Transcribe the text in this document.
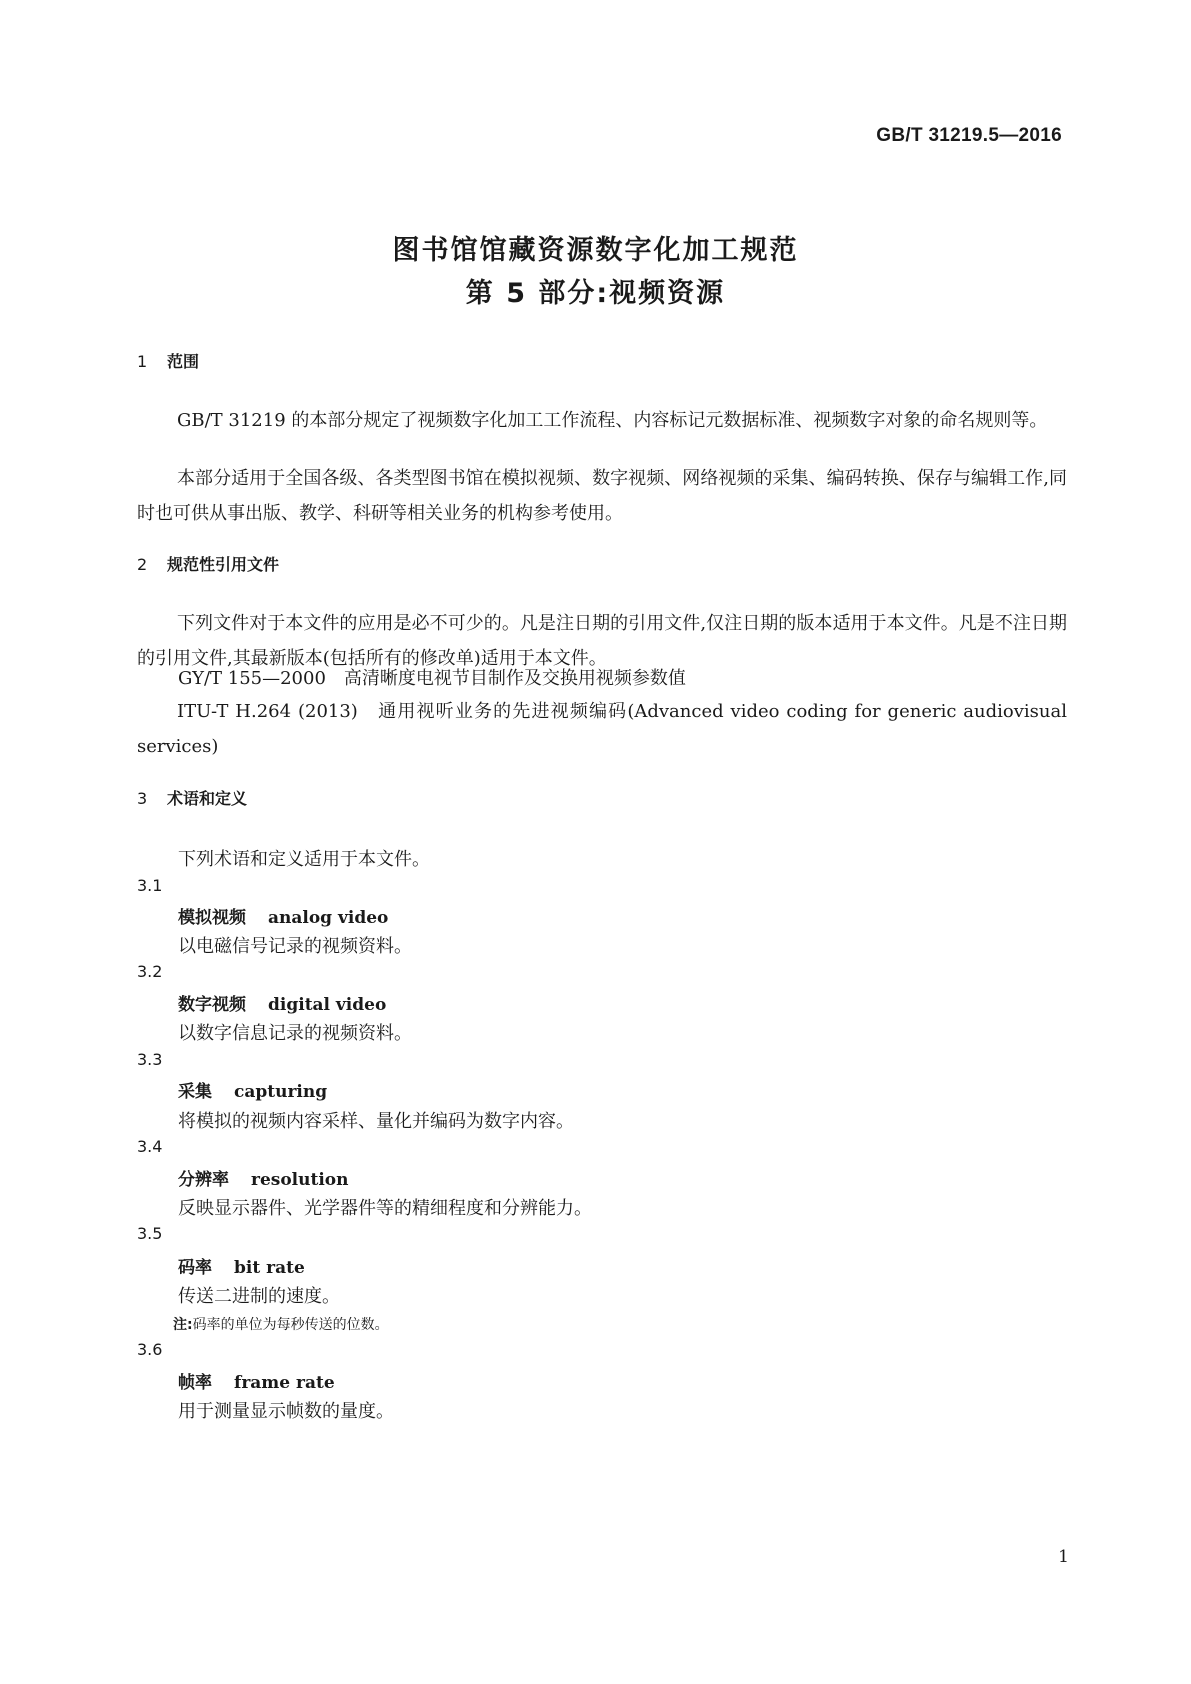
GB/T 31219.5—2016
图书馆馆藏资源数字化加工规范
第 5 部分:视频资源
1 范围

GB/T 31219 的本部分规定了视频数字化加工工作流程、内容标记元数据标准、视频数字对象的命名规则等。

本部分适用于全国各级、各类型图书馆在模拟视频、数字视频、网络视频的采集、编码转换、保存与编辑工作,同时也可供从事出版、教学、科研等相关业务的机构参考使用。

2 规范性引用文件

下列文件对于本文件的应用是必不可少的。凡是注日期的引用文件,仅注日期的版本适用于本文件。凡是不注日期的引用文件,其最新版本(包括所有的修改单)适用于本文件。

GY/T 155—2000　高清晰度电视节目制作及交换用视频参数值

ITU-T H.264 (2013)　通用视听业务的先进视频编码(Advanced video coding for generic audiovisual services)

3 术语和定义

下列术语和定义适用于本文件。

3.1
模拟视频 analog video
以电磁信号记录的视频资料。
3.2
数字视频 digital video
以数字信息记录的视频资料。
3.3
采集 capturing
将模拟的视频内容采样、量化并编码为数字内容。
3.4
分辨率 resolution
反映显示器件、光学器件等的精细程度和分辨能力。
3.5
码率 bit rate
传送二进制的速度。
注:码率的单位为每秒传送的位数。
3.6
帧率 frame rate
用于测量显示帧数的量度。
1
